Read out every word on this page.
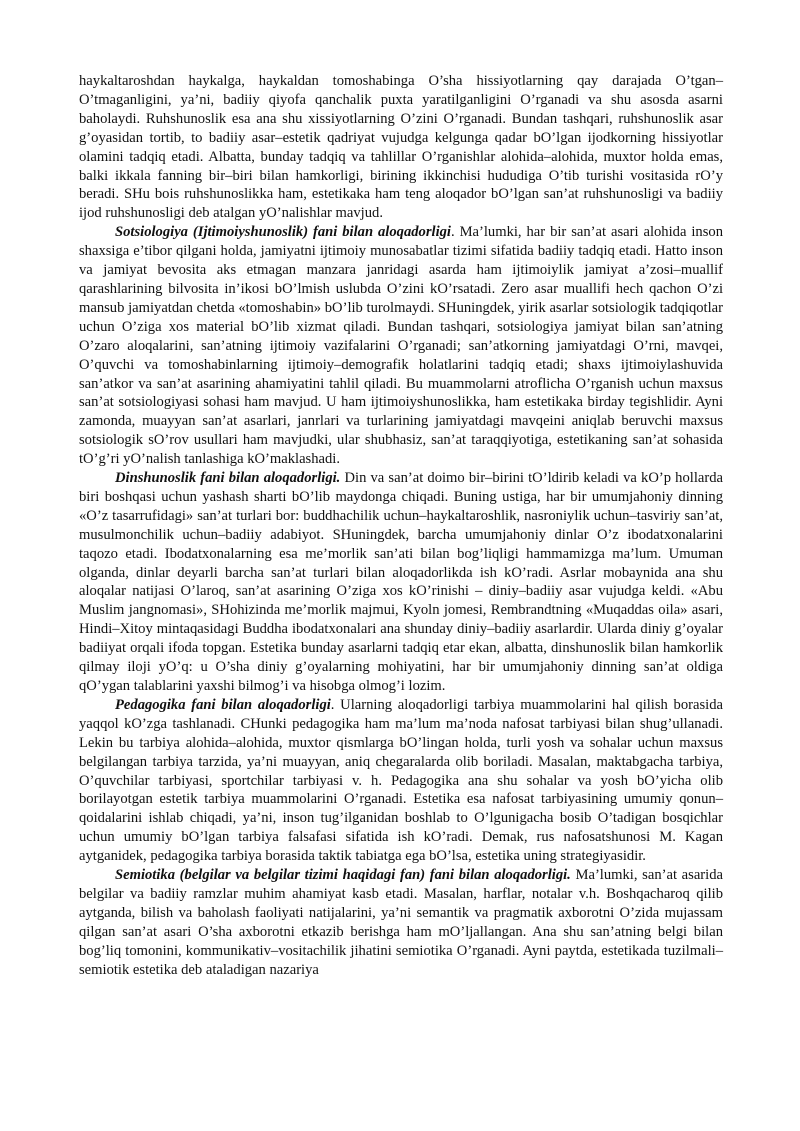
haykaltaroshdan haykalga, haykaldan tomoshabinga O’sha hissiyotlarning qay darajada O’tgan–O’tmaganligini, ya’ni, badiiy qiyofa qanchalik puxta yaratilganligini O’rganadi va shu asosda asarni baholaydi. Ruhshunoslik esa ana shu xissiyotlarning O’zini O’rganadi. Bundan tashqari, ruhshunoslik asar g’oyasidan tortib, to badiiy asar–estetik qadriyat vujudga kelgunga qadar bO’lgan ijodkorning hissiyotlar olamini tadqiq etadi. Albatta, bunday tadqiq va tahlillar O’rganishlar alohida–alohida, muxtor holda emas, balki ikkala fanning bir–biri bilan hamkorligi, birining ikkinchisi hududiga O’tib turishi vositasida rO’y beradi. SHu bois ruhshunoslikka ham, estetikaka ham teng aloqador bO’lgan san’at ruhshunosligi va badiiy ijod ruhshunosligi deb atalgan yO’nalishlar mavjud.

Sotsiologiya (Ijtimoiyshunoslik) fani bilan aloqadorligi. Ma’lumki, har bir san’at asari alohida inson shaxsiga e’tibor qilgani holda, jamiyatni ijtimoiy munosabatlar tizimi sifatida badiiy tadqiq etadi. Hatto inson va jamiyat bevosita aks etmagan manzara janridagi asarda ham ijtimoiylik jamiyat a’zosi–muallif qarashlarining bilvosita in’ikosi bO’lmish uslubda O’zini kO’rsatadi. Zero asar muallifi hech qachon O’zi mansub jamiyatdan chetda «tomoshabin» bO’lib turolmaydi. SHuningdek, yirik asarlar sotsiologik tadqiqotlar uchun O’ziga xos material bO’lib xizmat qiladi. Bundan tashqari, sotsiologiya jamiyat bilan san’atning O’zaro aloqalarini, san’atning ijtimoiy vazifalarini O’rganadi; san’atkorning jamiyatdagi O’rni, mavqei, O’quvchi va tomoshabinlarning ijtimoiy–demografik holatlarini tadqiq etadi; shaxs ijtimoiylashuvida san’atkor va san’at asarining ahamiyatini tahlil qiladi. Bu muammolarni atroflicha O’rganish uchun maxsus san’at sotsiologiyasi sohasi ham mavjud. U ham ijtimoiyshunoslikka, ham estetikaka birday tegishlidir. Ayni zamonda, muayyan san’at asarlari, janrlari va turlarining jamiyatdagi mavqeini aniqlab beruvchi maxsus sotsiologik sO’rov usullari ham mavjudki, ular shubhasiz, san’at taraqqiyotiga, estetikaning san’at sohasida tO’g’ri yO’nalish tanlashiga kO’maklashadi.

Dinshunoslik fani bilan aloqadorligi. Din va san’at doimo bir–birini tO’ldirib keladi va kO’p hollarda biri boshqasi uchun yashash sharti bO’lib maydonga chiqadi. Buning ustiga, har bir umumjahoniy dinning «O’z tasarrufidagi» san’at turlari bor: buddhachilik uchun–haykaltaroshlik, nasroniylik uchun–tasviriy san’at, musulmonchilik uchun–badiiy adabiyot. SHuningdek, barcha umumjahoniy dinlar O’z ibodatxonalarini taqozo etadi. Ibodatxonalarning esa me’morlik san’ati bilan bog’liqligi hammamizga ma’lum. Umuman olganda, dinlar deyarli barcha san’at turlari bilan aloqadorlikda ish kO’radi. Asrlar mobaynida ana shu aloqalar natijasi O’laroq, san’at asarining O’ziga xos kO’rinishi – diniy–badiiy asar vujudga keldi. «Abu Muslim jangnomasi», SHohizinda me’morlik majmui, Kyoln jomesi, Rembrandtning «Muqaddas oila» asari, Hindi–Xitoy mintaqasidagi Buddha ibodatxonalari ana shunday diniy–badiiy asarlardir. Ularda diniy g’oyalar badiiyat orqali ifoda topgan. Estetika bunday asarlarni tadqiq etar ekan, albatta, dinshunoslik bilan hamkorlik qilmay iloji yO’q: u O’sha diniy g’oyalarning mohiyatini, har bir umumjahoniy dinning san’at oldiga qO’ygan talablarini yaxshi bilmog’i va hisobga olmog’i lozim.

Pedagogika fani bilan aloqadorligi. Ularning aloqadorligi tarbiya muammolarini hal qilish borasida yaqqol kO’zga tashlanadi. CHunki pedagogika ham ma’lum ma’noda nafosat tarbiyasi bilan shug’ullanadi. Lekin bu tarbiya alohida–alohida, muxtor qismlarga bO’lingan holda, turli yosh va sohalar uchun maxsus belgilangan tarbiya tarzida, ya’ni muayyan, aniq chegaralarda olib boriladi. Masalan, maktabgacha tarbiya, O’quvchilar tarbiyasi, sportchilar tarbiyasi v. h. Pedagogika ana shu sohalar va yosh bO’yicha olib borilayotgan estetik tarbiya muammolarini O’rganadi. Estetika esa nafosat tarbiyasining umumiy qonun–qoidalarini ishlab chiqadi, ya’ni, inson tug’ilganidan boshlab to O’lgunigacha bosib O’tadigan bosqichlar uchun umumiy bO’lgan tarbiya falsafasi sifatida ish kO’radi. Demak, rus nafosatshunosi M. Kagan aytganidek, pedagogika tarbiya borasida taktik tabiatga ega bO’lsa, estetika uning strategiyasidir.

Semiotika (belgilar va belgilar tizimi haqidagi fan) fani bilan aloqadorligi. Ma’lumki, san’at asarida belgilar va badiiy ramzlar muhim ahamiyat kasb etadi. Masalan, harflar, notalar v.h. Boshqacharoq qilib aytganda, bilish va baholash faoliyati natijalarini, ya’ni semantik va pragmatik axborotni O’zida mujassam qilgan san’at asari O’sha axborotni etkazib berishga ham mO’ljallangan. Ana shu san’atning belgi bilan bog’liq tomonini, kommunikativ–vositachilik jihatini semiotika O’rganadi. Ayni paytda, estetikada tuzilmali–semiotik estetika deb ataladigan nazariya
